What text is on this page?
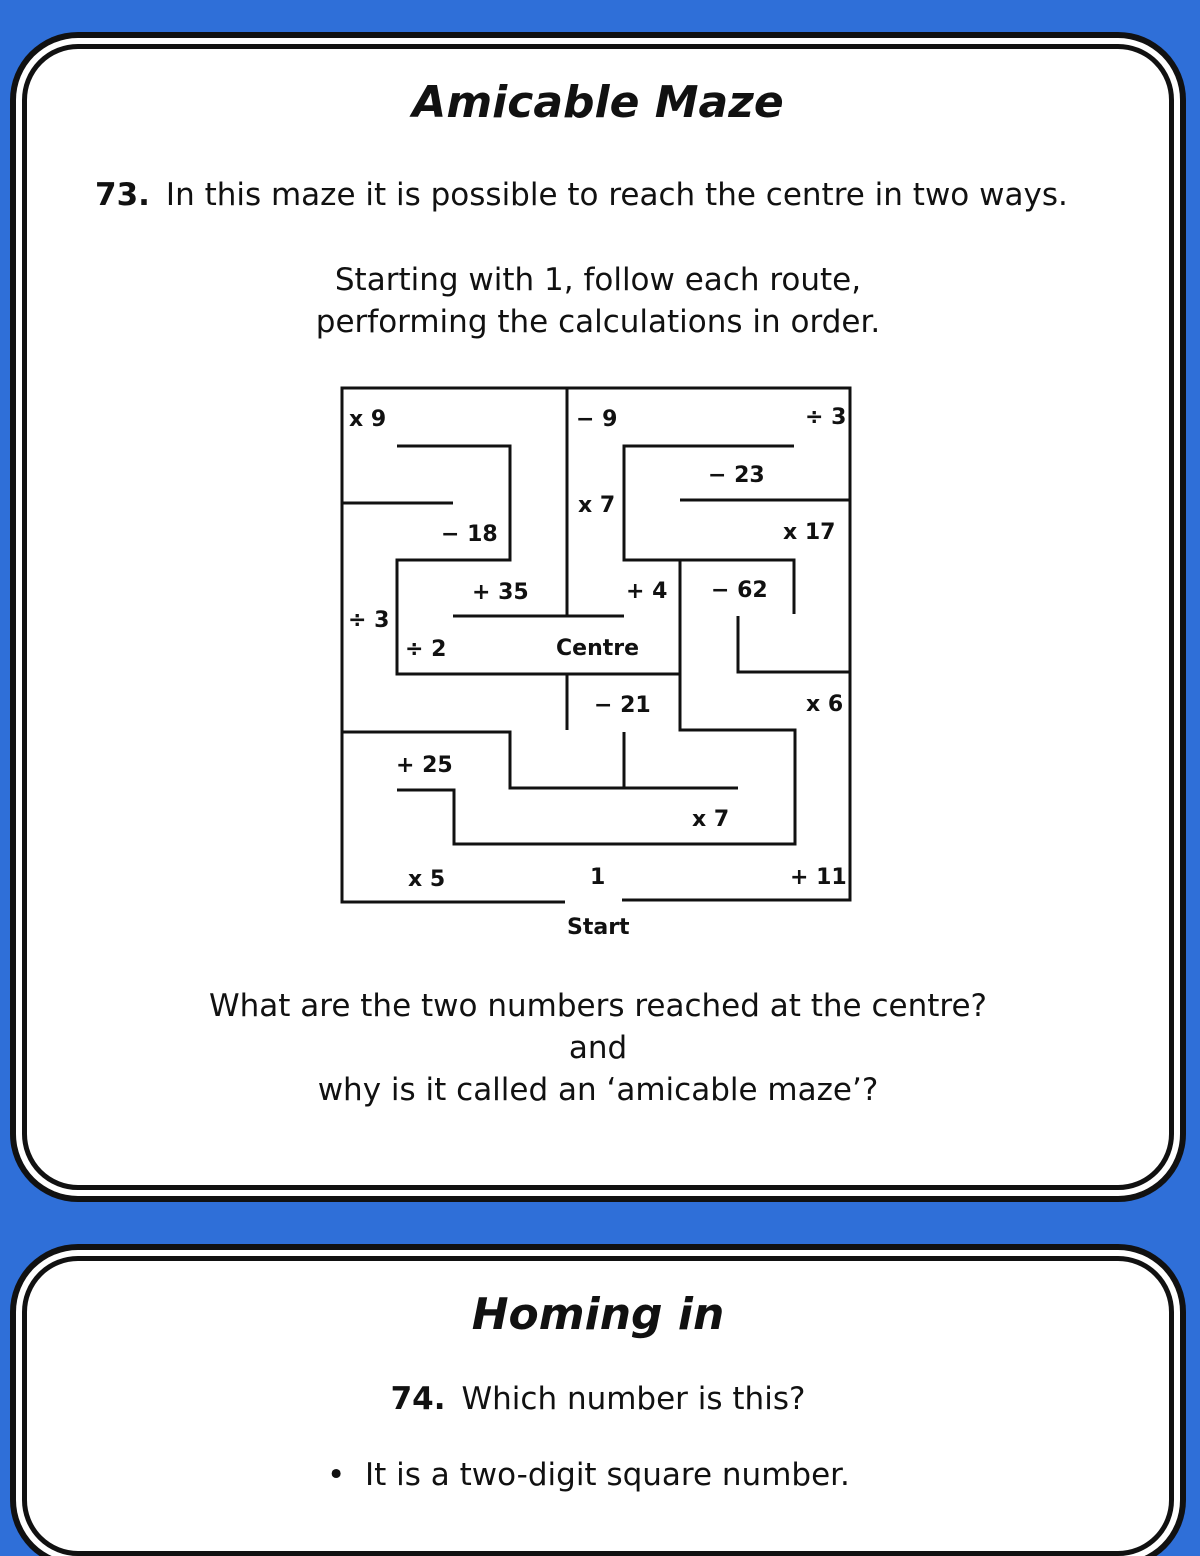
Amicable Maze
73. In this maze it is possible to reach the centre in two ways.
Starting with 1, follow each route,
performing the calculations in order.
x 9	− 9	÷ 3
− 23
x 7
− 18	x 17
+ 35	+ 4 − 62
÷ 3
÷ 2	Centre
− 21	x 6
+ 25
x 7
x 5	1	+ 11
Start
What are the two numbers reached at the centre?
and
why is it called an ‘amicable maze’?
Homing in
74. Which number is this?
•  It is a two-digit square number.
